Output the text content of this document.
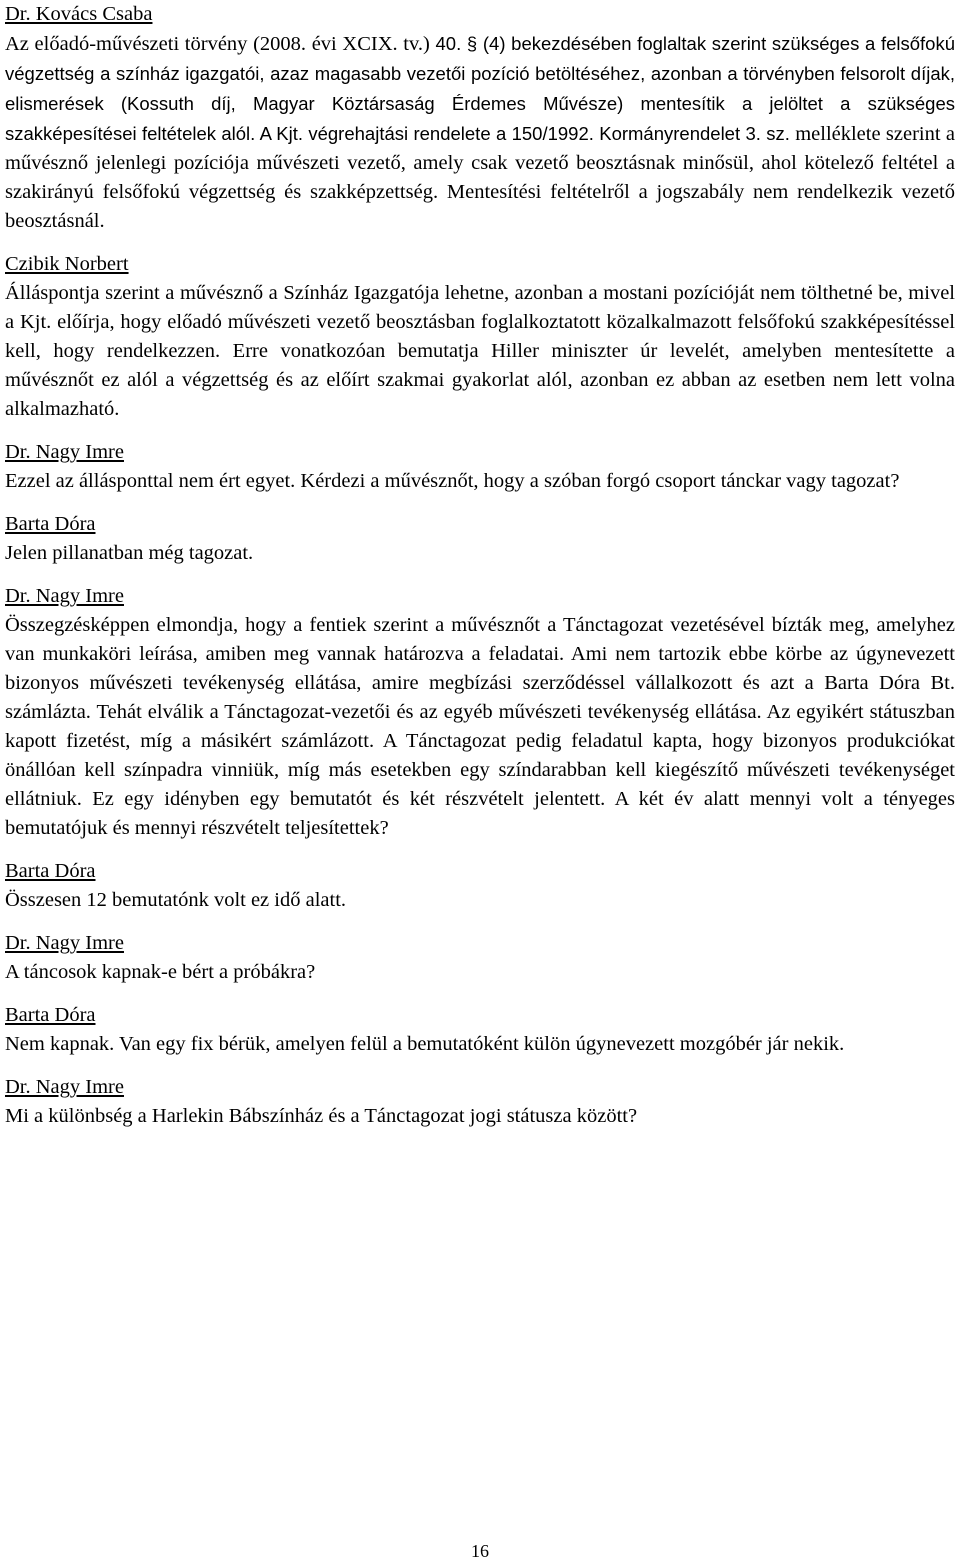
Dr. Kovács Csaba

Az előadó-művészeti törvény (2008. évi XCIX. tv.) 40. § (4) bekezdésében foglaltak szerint szükséges a felsőfokú végzettség a színház igazgatói, azaz magasabb vezetői pozíció betöltéséhez, azonban a törvényben felsorolt díjak, elismerések (Kossuth díj, Magyar Köztársaság Érdemes Művésze) mentesítik a jelöltet a szükséges szakképesítései feltételek alól. A Kjt. végrehajtási rendelete a 150/1992. Kormányrendelet 3. sz. melléklete szerint a művésznő jelenlegi pozíciója művészeti vezető, amely csak vezető beosztásnak minősül, ahol kötelező feltétel a szakirányú felsőfokú végzettség és szakképzettség. Mentesítési feltételről a jogszabály nem rendelkezik vezető beosztásnál.

Czibik Norbert

Álláspontja szerint a művésznő a Színház Igazgatója lehetne, azonban a mostani pozícióját nem tölthetné be, mivel a Kjt. előírja, hogy előadó művészeti vezető beosztásban foglalkoztatott közalkalmazott felsőfokú szakképesítéssel kell, hogy rendelkezzen. Erre vonatkozóan bemutatja Hiller miniszter úr levelét, amelyben mentesítette a művésznőt ez alól a végzettség és az előírt szakmai gyakorlat alól, azonban ez abban az esetben nem lett volna alkalmazható.

Dr. Nagy Imre

Ezzel az állásponttal nem ért egyet. Kérdezi a művésznőt, hogy a szóban forgó csoport tánckar vagy tagozat?

Barta Dóra

Jelen pillanatban még tagozat.

Dr. Nagy Imre

Összegzésképpen elmondja, hogy a fentiek szerint a művésznőt a Tánctagozat vezetésével bízták meg, amelyhez van munkaköri leírása, amiben meg vannak határozva a feladatai. Ami nem tartozik ebbe körbe az úgynevezett bizonyos művészeti tevékenység ellátása, amire megbízási szerződéssel vállalkozott és azt a Barta Dóra Bt. számlázta. Tehát elválik a Tánctagozat-vezetői és az egyéb művészeti tevékenység ellátása. Az egyikért státuszban kapott fizetést, míg a másikért számlázott. A Tánctagozat pedig feladatul kapta, hogy bizonyos produkciókat önállóan kell színpadra vinniük, míg más esetekben egy színdarabban kell kiegészítő művészeti tevékenységet ellátniuk. Ez egy idényben egy bemutatót és két részvételt jelentett. A két év alatt mennyi volt a tényeges bemutatójuk és mennyi részvételt teljesítettek?

Barta Dóra

Összesen 12 bemutatónk volt ez idő alatt.

Dr. Nagy Imre

A táncosok kapnak-e bért a próbákra?

Barta Dóra

Nem kapnak. Van egy fix bérük, amelyen felül a bemutatóként külön úgynevezett mozgóbér jár nekik.

Dr. Nagy Imre

Mi a különbség a Harlekin Bábszínház és a Tánctagozat jogi státusza között?

16
